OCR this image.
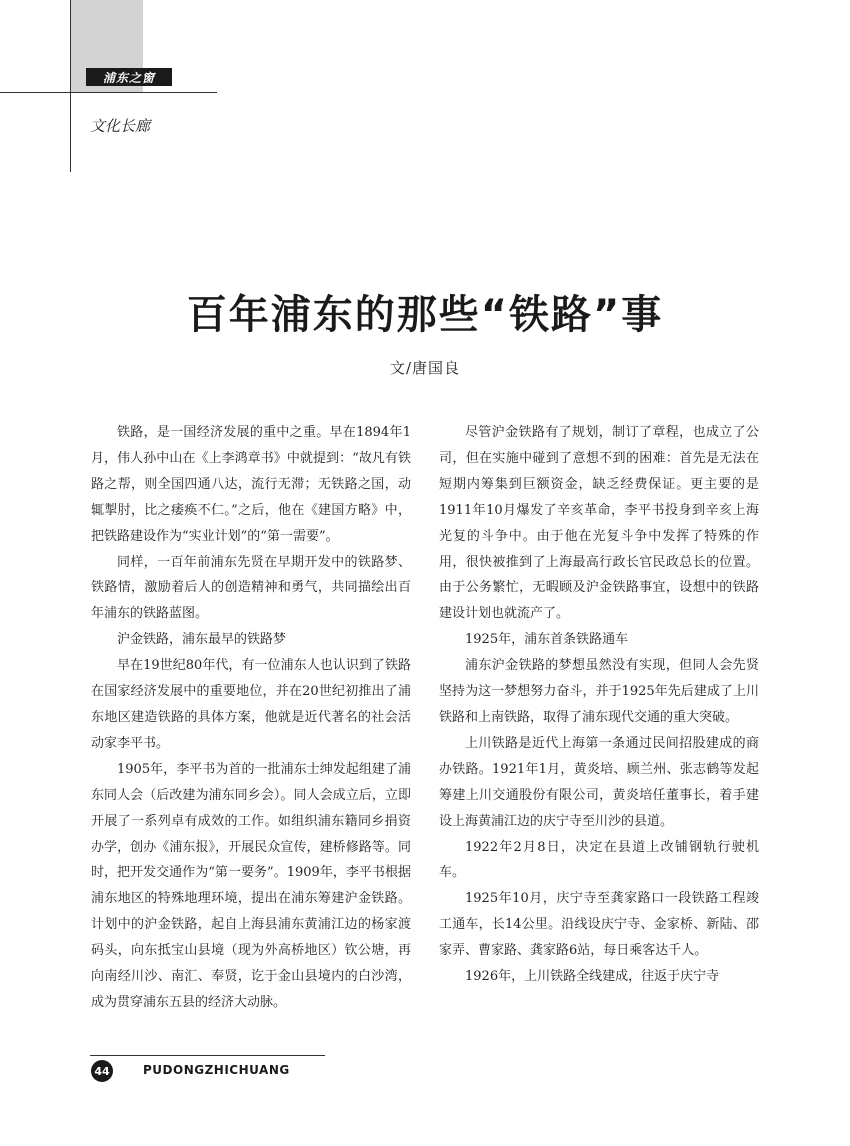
浦东之窗
文化长廊
百年浦东的那些“铁路”事
文/唐国良

铁路，是一国经济发展的重中之重。早在1894年1月，伟人孙中山在《上李鸿章书》中就提到：“故凡有铁路之帮，则全国四通八达，流行无滞；无铁路之国，动辄掣肘，比之痿痪不仁。”之后，他在《建国方略》中，把铁路建设作为“实业计划”的“第一需要”。

同样，一百年前浦东先贤在早期开发中的铁路梦、铁路情，激励着后人的创造精神和勇气，共同描绘出百年浦东的铁路蓝图。

沪金铁路，浦东最早的铁路梦

早在19世纪80年代，有一位浦东人也认识到了铁路在国家经济发展中的重要地位，并在20世纪初推出了浦东地区建造铁路的具体方案，他就是近代著名的社会活动家李平书。

1905年，李平书为首的一批浦东士绅发起组建了浦东同人会（后改建为浦东同乡会）。同人会成立后，立即开展了一系列卓有成效的工作。如组织浦东籍同乡捐资办学，创办《浦东报》，开展民众宣传，建桥修路等。同时，把开发交通作为“第一要务”。1909年，李平书根据浦东地区的特殊地理环境，提出在浦东筹建沪金铁路。计划中的沪金铁路，起自上海县浦东黄浦江边的杨家渡码头，向东抵宝山县境（现为外高桥地区）钦公塘，再向南经川沙、南汇、奉贤，讫于金山县境内的白沙湾，成为贯穿浦东五县的经济大动脉。

尽管沪金铁路有了规划，制订了章程，也成立了公司，但在实施中碰到了意想不到的困难：首先是无法在短期内筹集到巨额资金，缺乏经费保证。更主要的是1911年10月爆发了辛亥革命，李平书投身到辛亥上海光复的斗争中。由于他在光复斗争中发挥了特殊的作用，很快被推到了上海最高行政长官民政总长的位置。由于公务繁忙，无暇顾及沪金铁路事宜，设想中的铁路建设计划也就流产了。

1925年，浦东首条铁路通车

浦东沪金铁路的梦想虽然没有实现，但同人会先贤坚持为这一梦想努力奋斗，并于1925年先后建成了上川铁路和上南铁路，取得了浦东现代交通的重大突破。

上川铁路是近代上海第一条通过民间招股建成的商办铁路。1921年1月，黄炎培、顾兰州、张志鹤等发起筹建上川交通股份有限公司，黄炎培任董事长，着手建设上海黄浦江边的庆宁寺至川沙的县道。

1922年2月8日，决定在县道上改铺钢轨行驶机车。

1925年10月，庆宁寺至龚家路口一段铁路工程竣工通车，长14公里。沿线设庆宁寺、金家桥、新陆、邵家弄、曹家路、龚家路6站，每日乘客达千人。

1926年，上川铁路全线建成，往返于庆宁寺

44	PUDONGZHICHUANG
